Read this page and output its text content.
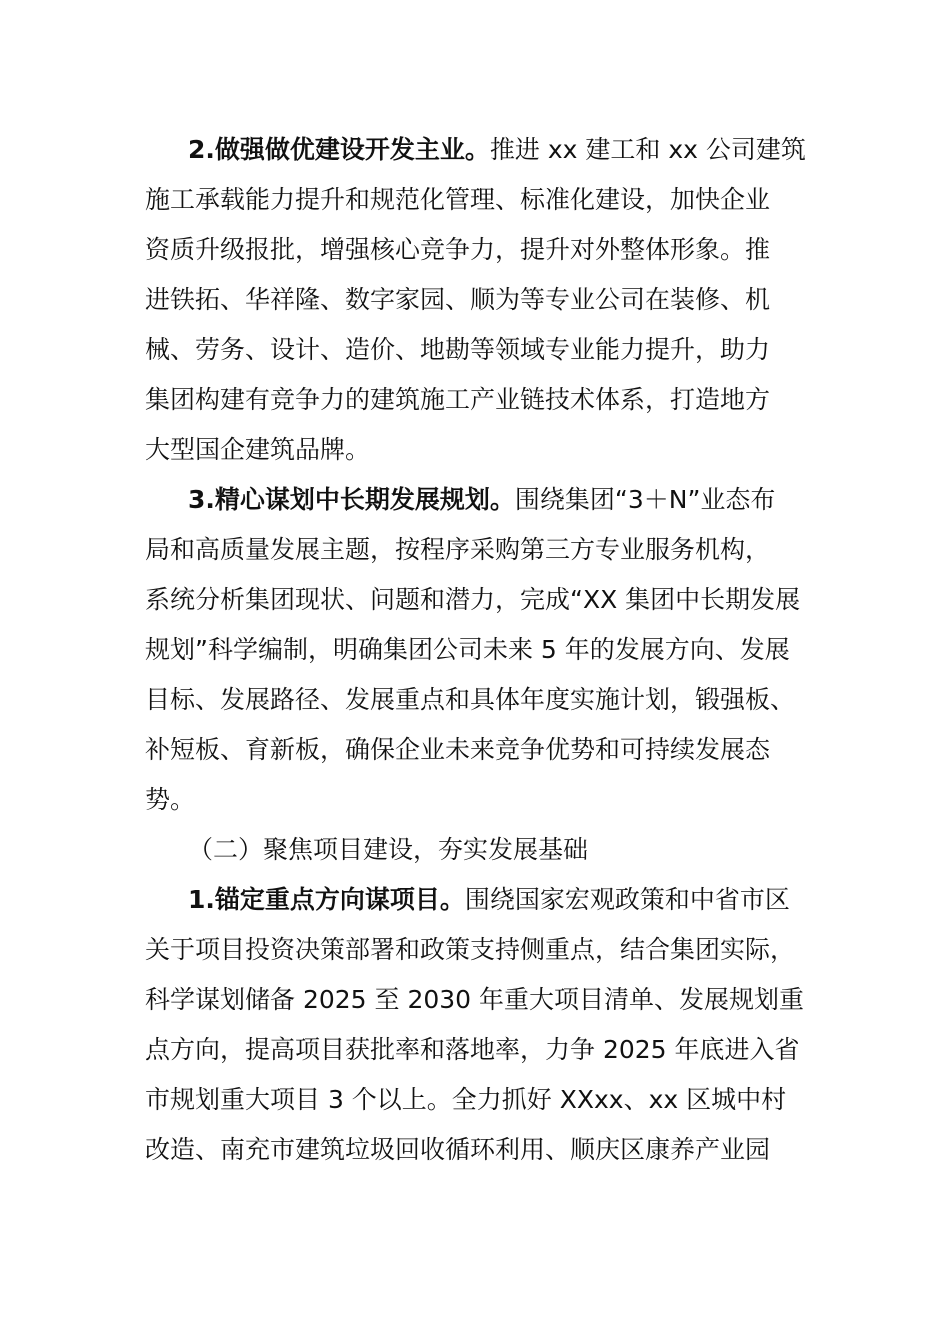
2.做强做优建设开发主业。推进 xx 建工和 xx 公司建筑
施工承载能力提升和规范化管理、标准化建设，加快企业
资质升级报批，增强核心竞争力，提升对外整体形象。推
进铁拓、华祥隆、数字家园、顺为等专业公司在装修、机
械、劳务、设计、造价、地勘等领域专业能力提升，助力
集团构建有竞争力的建筑施工产业链技术体系，打造地方
大型国企建筑品牌。
3.精心谋划中长期发展规划。围绕集团“3＋N”业态布
局和高质量发展主题，按程序采购第三方专业服务机构，
系统分析集团现状、问题和潜力，完成“XX 集团中长期发展
规划”科学编制，明确集团公司未来 5 年的发展方向、发展
目标、发展路径、发展重点和具体年度实施计划，锻强板、
补短板、育新板，确保企业未来竞争优势和可持续发展态
势。
（二）聚焦项目建设，夯实发展基础
1.锚定重点方向谋项目。围绕国家宏观政策和中省市区
关于项目投资决策部署和政策支持侧重点，结合集团实际，
科学谋划储备 2025 至 2030 年重大项目清单、发展规划重
点方向，提高项目获批率和落地率，力争 2025 年底进入省
市规划重大项目 3 个以上。全力抓好 XXxx、xx 区城中村
改造、南充市建筑垃圾回收循环利用、顺庆区康养产业园
